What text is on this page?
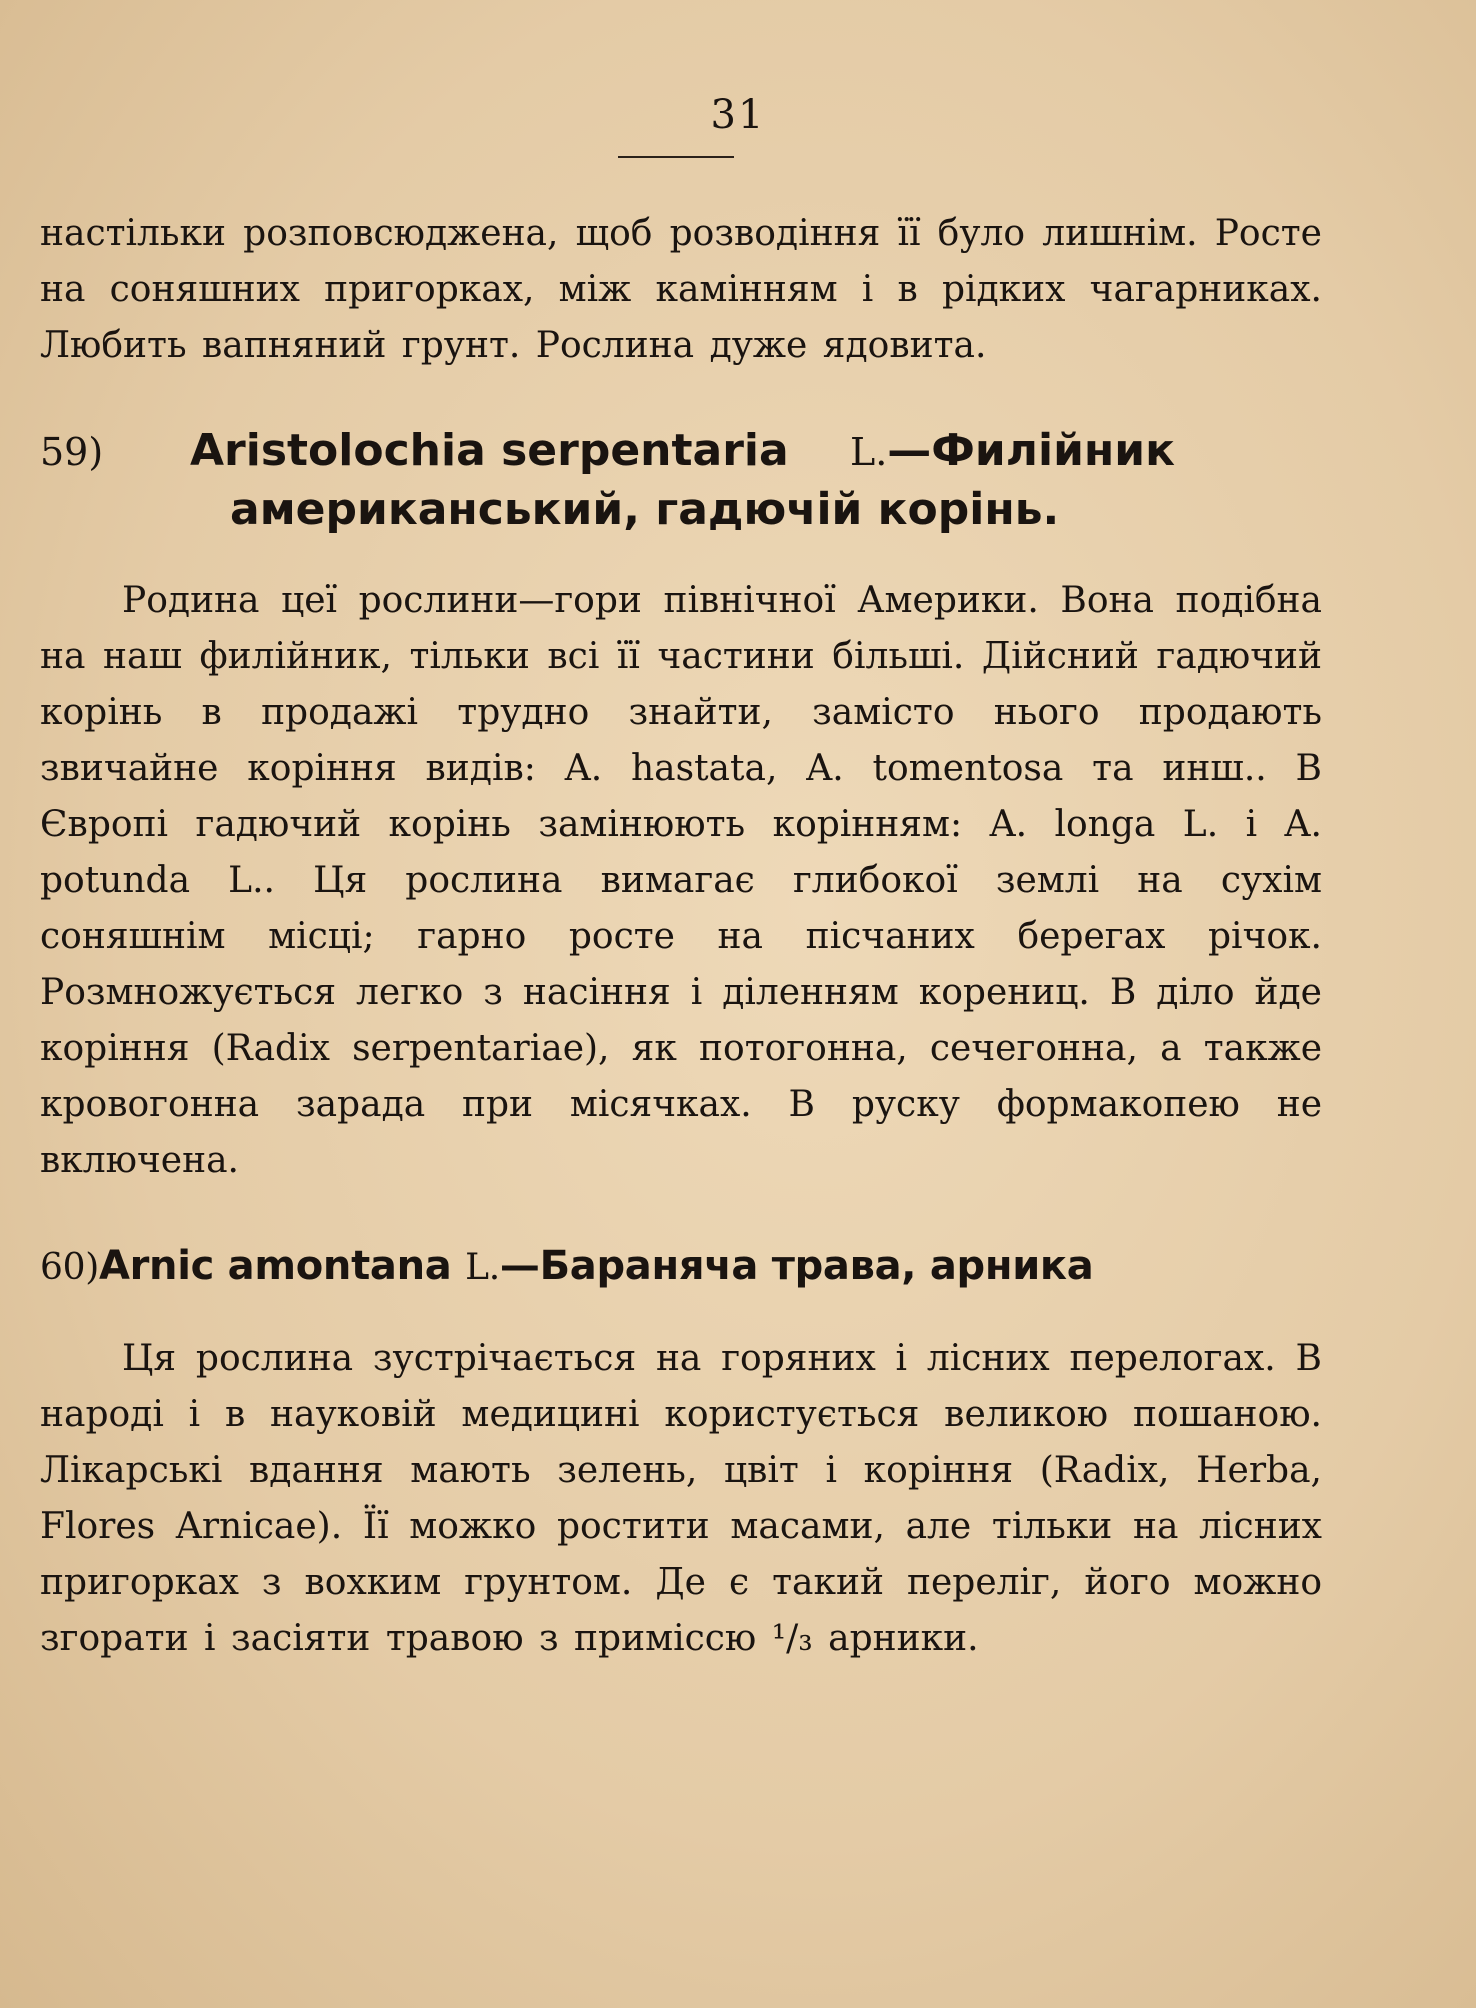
31

настільки розповсюджена, щоб розводіння її було лишнім. Росте на соняшних пригорках, між камінням і в рідких чагарниках. Любить вапняний грунт. Рослина дуже ядовита.

59) Aristolochia serpentaria L.—Филійник
американський, гадючій корінь.

Родина цеї рослини—гори північної Америки. Вона подібна на наш филійник, тільки всі її частини більші. Дійсний гадючий корінь в продажі трудно знайти, замісто нього продають звичайне коріння видів: A. hastata, A. tomentosa та инш.. В Європі гадючий корінь замінюють корінням: A. longa L. і A. potunda L.. Ця рослина вимагає глибокої землі на сухім соняшнім місці; гарно росте на пісчаних берегах річок. Розмножується легко з насіння і діленням корениц. В діло йде коріння (Radix serpentariae), як потогонна, сечегонна, а также кровогонна зарада при місячках. В руску формакопею не включена.

60)Arnic amontana L.—Бараняча трава, арника

Ця рослина зустрічається на горяних і лісних перелогах. В народі і в науковій медицині користується великою пошаною. Лікарські вдання мають зелень, цвіт і коріння (Radix, Herba, Flores Arnicae). Її можко ростити масами, але тільки на лісних пригорках з вохким грунтом. Де є такий переліг, його можно згорати і засіяти травою з приміссю ¹/₃ арники.
